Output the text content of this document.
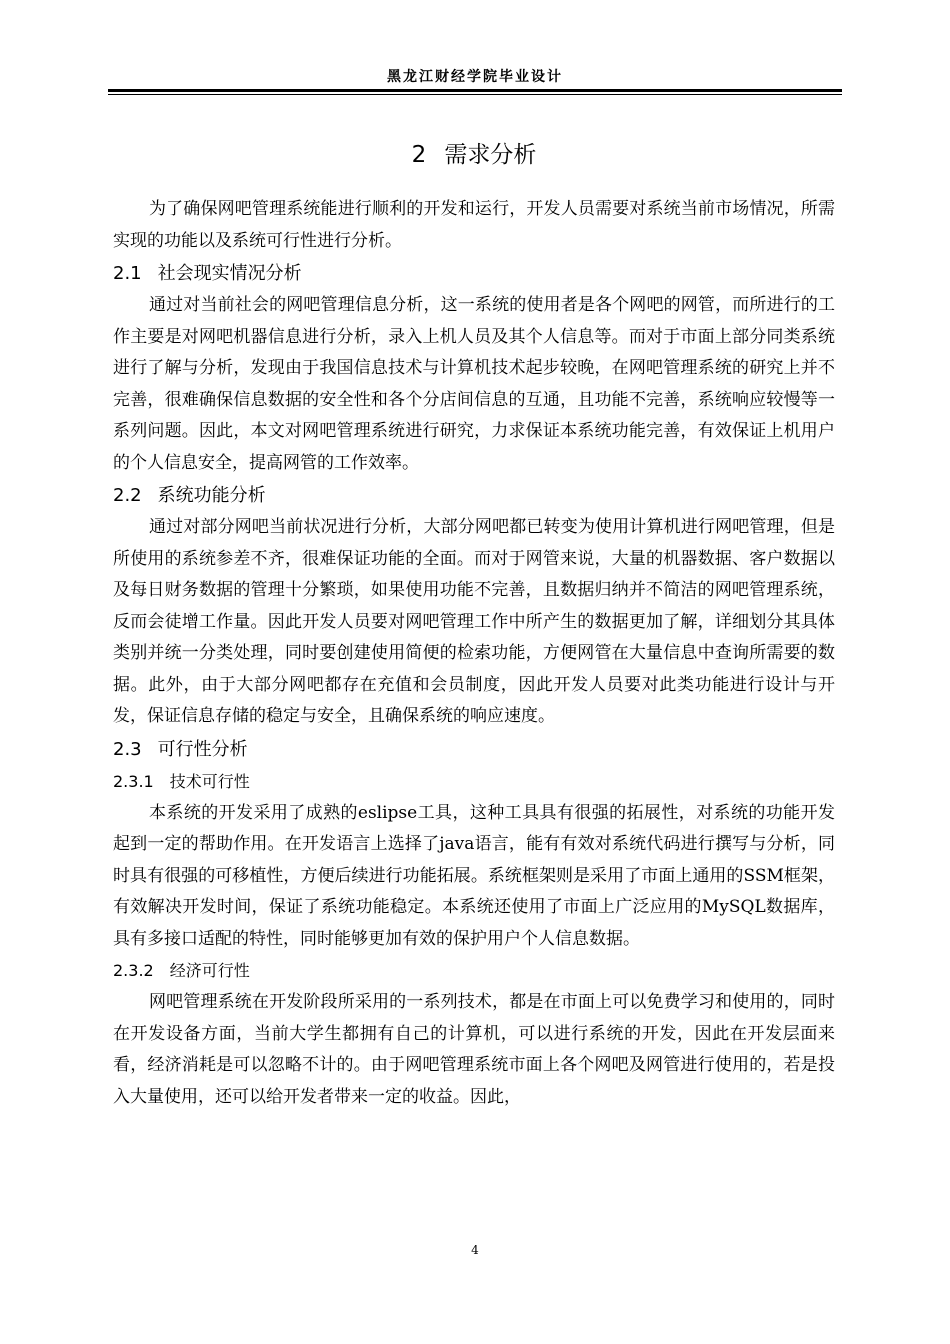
黑龙江财经学院毕业设计
2 需求分析

为了确保网吧管理系统能进行顺利的开发和运行，开发人员需要对系统当前市场情况，所需实现的功能以及系统可行性进行分析。

2.1 社会现实情况分析

通过对当前社会的网吧管理信息分析，这一系统的使用者是各个网吧的网管，而所进行的工作主要是对网吧机器信息进行分析，录入上机人员及其个人信息等。而对于市面上部分同类系统进行了解与分析，发现由于我国信息技术与计算机技术起步较晚，在网吧管理系统的研究上并不完善，很难确保信息数据的安全性和各个分店间信息的互通，且功能不完善，系统响应较慢等一系列问题。因此，本文对网吧管理系统进行研究，力求保证本系统功能完善，有效保证上机用户的个人信息安全，提高网管的工作效率。

2.2 系统功能分析

通过对部分网吧当前状况进行分析，大部分网吧都已转变为使用计算机进行网吧管理，但是所使用的系统参差不齐，很难保证功能的全面。而对于网管来说，大量的机器数据、客户数据以及每日财务数据的管理十分繁琐，如果使用功能不完善，且数据归纳并不简洁的网吧管理系统，反而会徒增工作量。因此开发人员要对网吧管理工作中所产生的数据更加了解，详细划分其具体类别并统一分类处理，同时要创建使用简便的检索功能，方便网管在大量信息中查询所需要的数据。此外，由于大部分网吧都存在充值和会员制度，因此开发人员要对此类功能进行设计与开发，保证信息存储的稳定与安全，且确保系统的响应速度。

2.3 可行性分析
2.3.1 技术可行性

本系统的开发采用了成熟的eslipse工具，这种工具具有很强的拓展性，对系统的功能开发起到一定的帮助作用。在开发语言上选择了java语言，能有有效对系统代码进行撰写与分析，同时具有很强的可移植性，方便后续进行功能拓展。系统框架则是采用了市面上通用的SSM框架，有效解决开发时间，保证了系统功能稳定。本系统还使用了市面上广泛应用的MySQL数据库，具有多接口适配的特性，同时能够更加有效的保护用户个人信息数据。

2.3.2 经济可行性

网吧管理系统在开发阶段所采用的一系列技术，都是在市面上可以免费学习和使用的，同时在开发设备方面，当前大学生都拥有自己的计算机，可以进行系统的开发，因此在开发层面来看，经济消耗是可以忽略不计的。由于网吧管理系统市面上各个网吧及网管进行使用的，若是投入大量使用，还可以给开发者带来一定的收益。因此，

4
